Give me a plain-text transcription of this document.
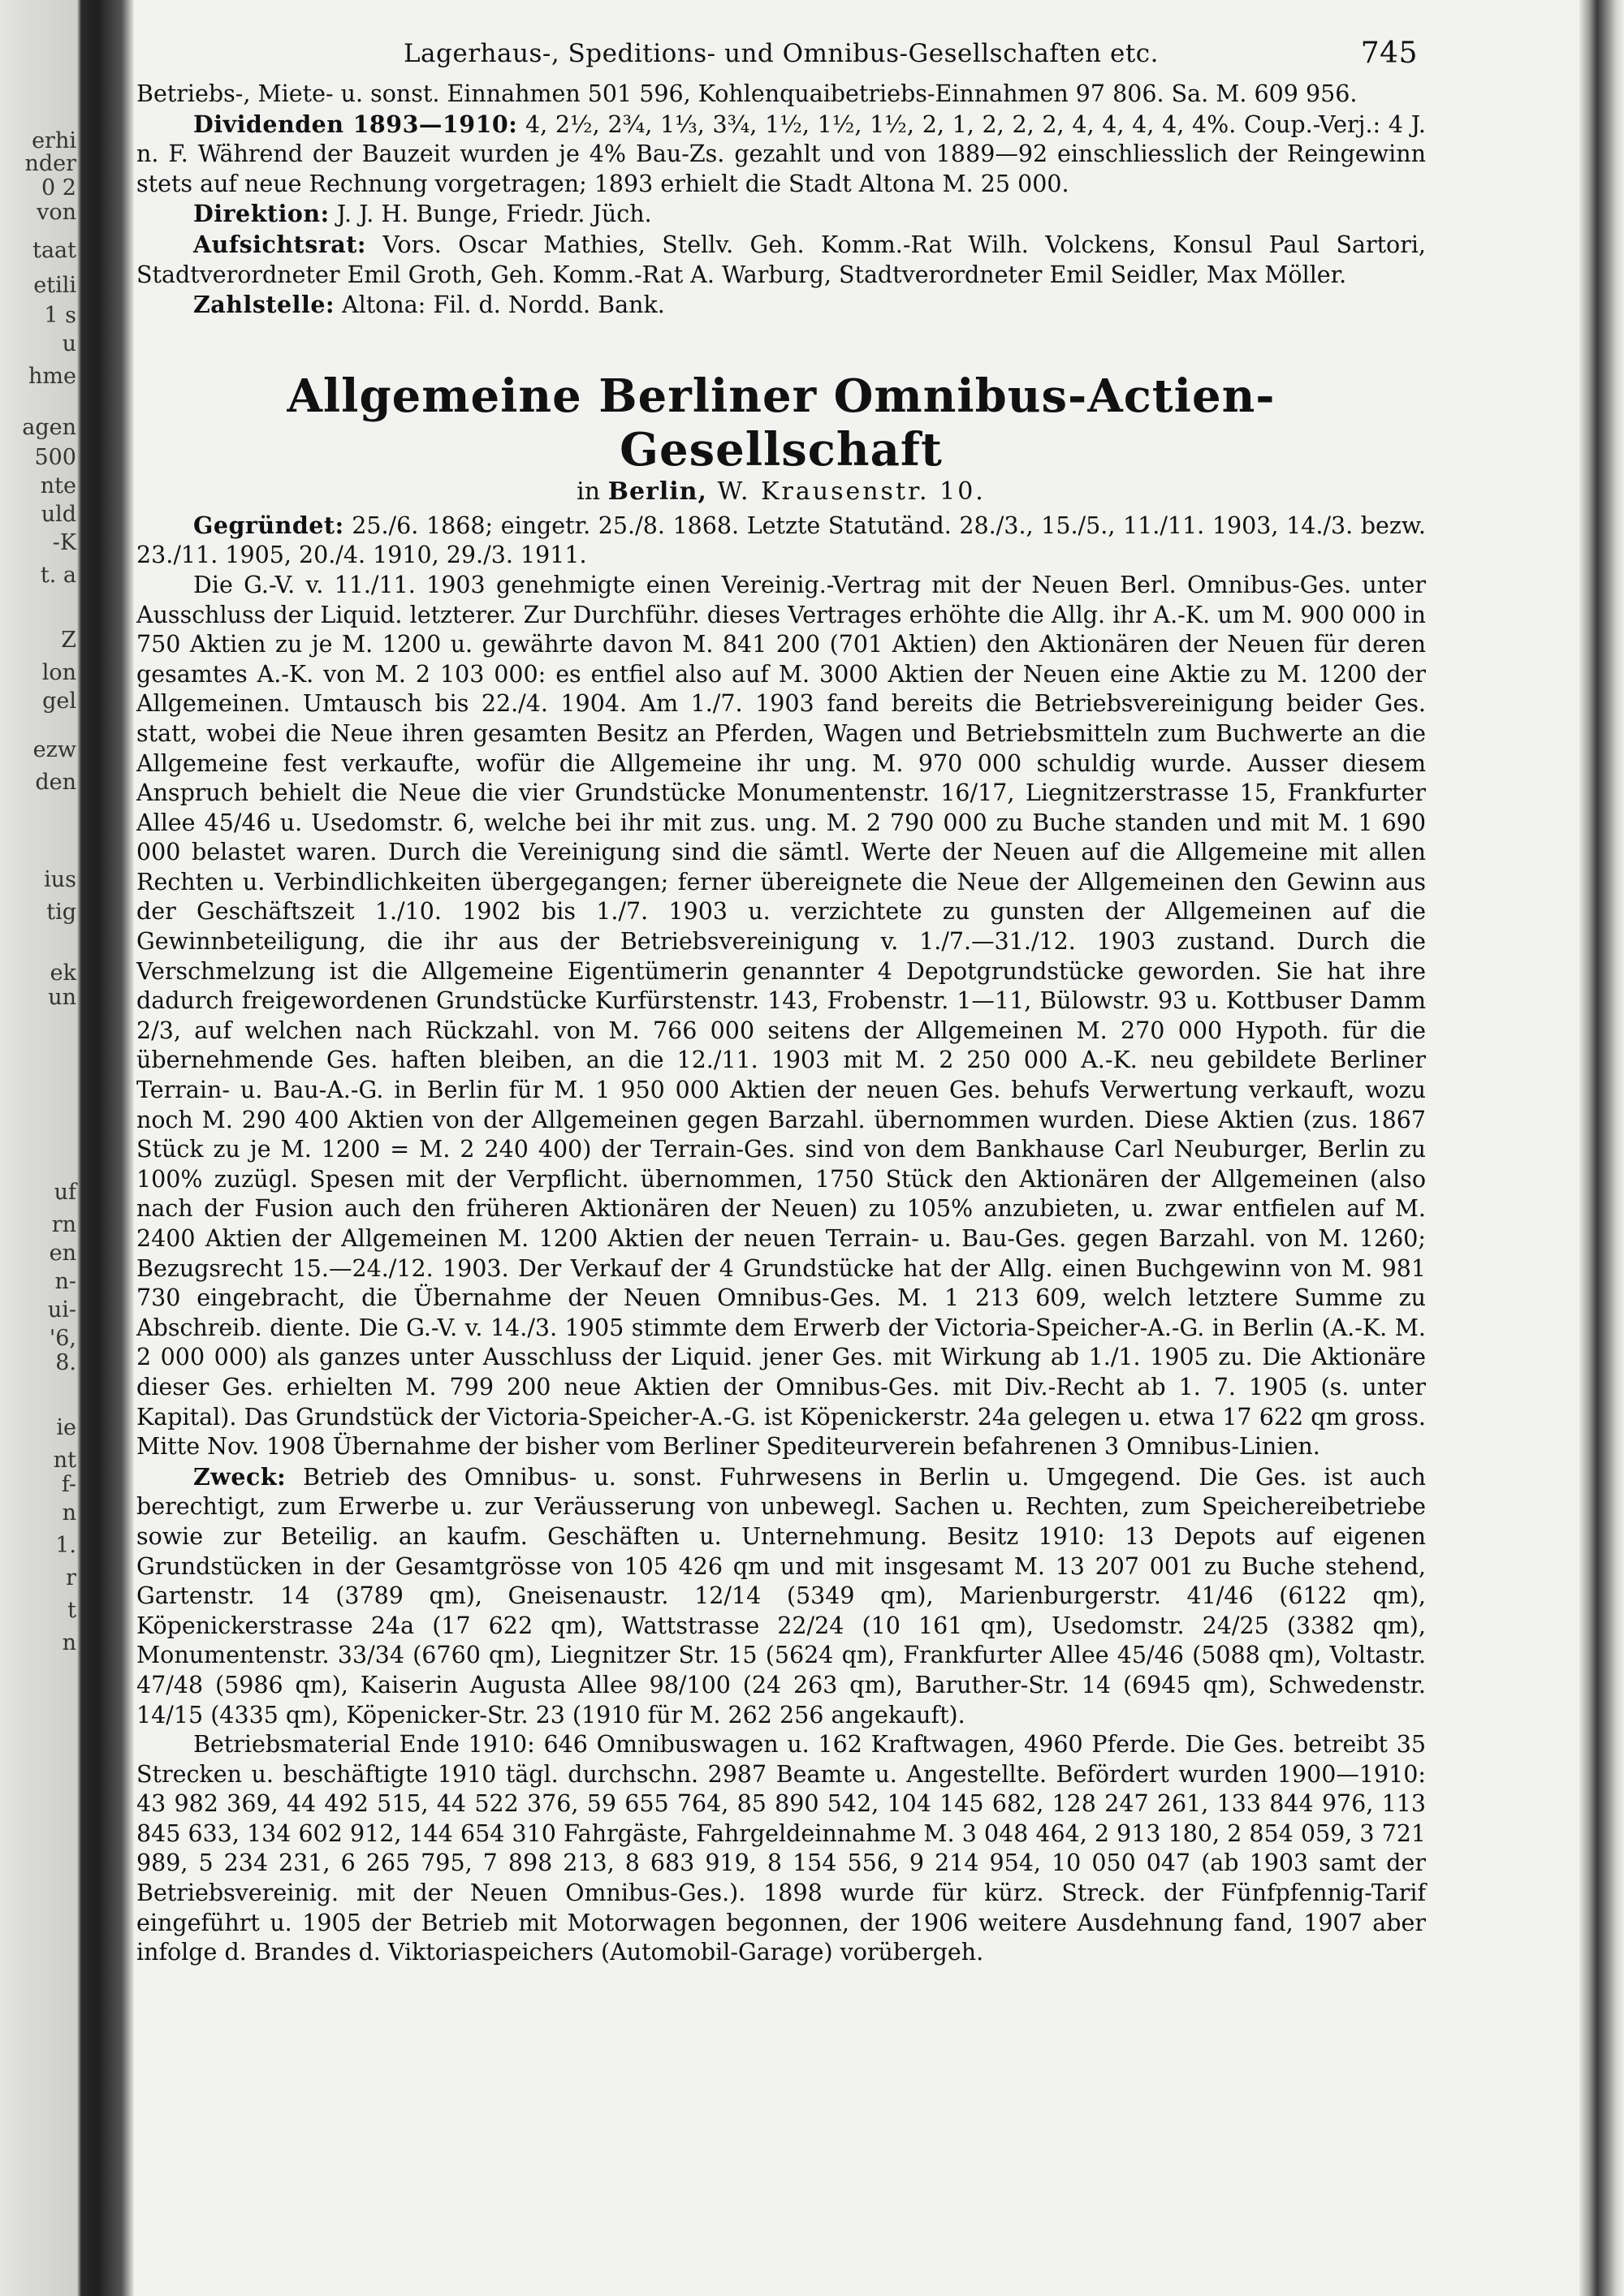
erhi
nder
0 2
von
taat
etili
1 s
u
hme
agen
500
nte
uld
-K
t. a
Z
lon
gel
ezw
den
ius
tig
ek
un
uf
rn
en
n-
ui-
'6,
8.
ie
nt
f-
n
1.
r
t
n
Lagerhaus-, Speditions- und Omnibus-Gesellschaften etc.	745

Betriebs-, Miete- u. sonst. Einnahmen 501 596, Kohlenquaibetriebs-Einnahmen 97 806. Sa. M. 609 956.

Dividenden 1893—1910: 4, 2½, 2¾, 1⅓, 3¾, 1½, 1½, 1½, 2, 1, 2, 2, 2, 4, 4, 4, 4, 4%. Coup.-Verj.: 4 J. n. F. Während der Bauzeit wurden je 4% Bau-Zs. gezahlt und von 1889—92 einschliesslich der Reingewinn stets auf neue Rechnung vorgetragen; 1893 erhielt die Stadt Altona M. 25 000.

Direktion: J. J. H. Bunge, Friedr. Jüch.

Aufsichtsrat: Vors. Oscar Mathies, Stellv. Geh. Komm.-Rat Wilh. Volckens, Konsul Paul Sartori, Stadtverordneter Emil Groth, Geh. Komm.-Rat A. Warburg, Stadtverordneter Emil Seidler, Max Möller.

Zahlstelle: Altona: Fil. d. Nordd. Bank.

Allgemeine Berliner Omnibus-Actien-Gesellschaft
in Berlin, W. Krausenstr. 10.

Gegründet: 25./6. 1868; eingetr. 25./8. 1868. Letzte Statutänd. 28./3., 15./5., 11./11. 1903, 14./3. bezw. 23./11. 1905, 20./4. 1910, 29./3. 1911.

Die G.-V. v. 11./11. 1903 genehmigte einen Vereinig.-Vertrag mit der Neuen Berl. Omnibus-Ges. unter Ausschluss der Liquid. letzterer. Zur Durchführ. dieses Vertrages erhöhte die Allg. ihr A.-K. um M. 900 000 in 750 Aktien zu je M. 1200 u. gewährte davon M. 841 200 (701 Aktien) den Aktionären der Neuen für deren gesamtes A.-K. von M. 2 103 000: es entfiel also auf M. 3000 Aktien der Neuen eine Aktie zu M. 1200 der Allgemeinen. Umtausch bis 22./4. 1904. Am 1./7. 1903 fand bereits die Betriebsvereinigung beider Ges. statt, wobei die Neue ihren gesamten Besitz an Pferden, Wagen und Betriebsmitteln zum Buchwerte an die Allgemeine fest verkaufte, wofür die Allgemeine ihr ung. M. 970 000 schuldig wurde. Ausser diesem Anspruch behielt die Neue die vier Grundstücke Monumentenstr. 16/17, Liegnitzerstrasse 15, Frankfurter Allee 45/46 u. Usedomstr. 6, welche bei ihr mit zus. ung. M. 2 790 000 zu Buche standen und mit M. 1 690 000 belastet waren. Durch die Vereinigung sind die sämtl. Werte der Neuen auf die Allgemeine mit allen Rechten u. Verbindlichkeiten übergegangen; ferner übereignete die Neue der Allgemeinen den Gewinn aus der Geschäftszeit 1./10. 1902 bis 1./7. 1903 u. verzichtete zu gunsten der Allgemeinen auf die Gewinnbeteiligung, die ihr aus der Betriebsvereinigung v. 1./7.—31./12. 1903 zustand. Durch die Verschmelzung ist die Allgemeine Eigentümerin genannter 4 Depotgrundstücke geworden. Sie hat ihre dadurch freigewordenen Grundstücke Kurfürstenstr. 143, Frobenstr. 1—11, Bülowstr. 93 u. Kottbuser Damm 2/3, auf welchen nach Rückzahl. von M. 766 000 seitens der Allgemeinen M. 270 000 Hypoth. für die übernehmende Ges. haften bleiben, an die 12./11. 1903 mit M. 2 250 000 A.-K. neu gebildete Berliner Terrain- u. Bau-A.-G. in Berlin für M. 1 950 000 Aktien der neuen Ges. behufs Verwertung verkauft, wozu noch M. 290 400 Aktien von der Allgemeinen gegen Barzahl. übernommen wurden. Diese Aktien (zus. 1867 Stück zu je M. 1200 = M. 2 240 400) der Terrain-Ges. sind von dem Bankhause Carl Neuburger, Berlin zu 100% zuzügl. Spesen mit der Verpflicht. übernommen, 1750 Stück den Aktionären der Allgemeinen (also nach der Fusion auch den früheren Aktionären der Neuen) zu 105% anzubieten, u. zwar entfielen auf M. 2400 Aktien der Allgemeinen M. 1200 Aktien der neuen Terrain- u. Bau-Ges. gegen Barzahl. von M. 1260; Bezugsrecht 15.—24./12. 1903. Der Verkauf der 4 Grundstücke hat der Allg. einen Buchgewinn von M. 981 730 eingebracht, die Übernahme der Neuen Omnibus-Ges. M. 1 213 609, welch letztere Summe zu Abschreib. diente. Die G.-V. v. 14./3. 1905 stimmte dem Erwerb der Victoria-Speicher-A.-G. in Berlin (A.-K. M. 2 000 000) als ganzes unter Ausschluss der Liquid. jener Ges. mit Wirkung ab 1./1. 1905 zu. Die Aktionäre dieser Ges. erhielten M. 799 200 neue Aktien der Omnibus-Ges. mit Div.-Recht ab 1. 7. 1905 (s. unter Kapital). Das Grundstück der Victoria-Speicher-A.-G. ist Köpenickerstr. 24a gelegen u. etwa 17 622 qm gross. Mitte Nov. 1908 Übernahme der bisher vom Berliner Spediteurverein befahrenen 3 Omnibus-Linien.

Zweck: Betrieb des Omnibus- u. sonst. Fuhrwesens in Berlin u. Umgegend. Die Ges. ist auch berechtigt, zum Erwerbe u. zur Veräusserung von unbewegl. Sachen u. Rechten, zum Speichereibetriebe sowie zur Beteilig. an kaufm. Geschäften u. Unternehmung. Besitz 1910: 13 Depots auf eigenen Grundstücken in der Gesamtgrösse von 105 426 qm und mit insgesamt M. 13 207 001 zu Buche stehend, Gartenstr. 14 (3789 qm), Gneisenaustr. 12/14 (5349 qm), Marienburgerstr. 41/46 (6122 qm), Köpenickerstrasse 24a (17 622 qm), Wattstrasse 22/24 (10 161 qm), Usedomstr. 24/25 (3382 qm), Monumentenstr. 33/34 (6760 qm), Liegnitzer Str. 15 (5624 qm), Frankfurter Allee 45/46 (5088 qm), Voltastr. 47/48 (5986 qm), Kaiserin Augusta Allee 98/100 (24 263 qm), Baruther-Str. 14 (6945 qm), Schwedenstr. 14/15 (4335 qm), Köpenicker-Str. 23 (1910 für M. 262 256 angekauft).

Betriebsmaterial Ende 1910: 646 Omnibuswagen u. 162 Kraftwagen, 4960 Pferde. Die Ges. betreibt 35 Strecken u. beschäftigte 1910 tägl. durchschn. 2987 Beamte u. Angestellte. Befördert wurden 1900—1910: 43 982 369, 44 492 515, 44 522 376, 59 655 764, 85 890 542, 104 145 682, 128 247 261, 133 844 976, 113 845 633, 134 602 912, 144 654 310 Fahrgäste, Fahrgeldeinnahme M. 3 048 464, 2 913 180, 2 854 059, 3 721 989, 5 234 231, 6 265 795, 7 898 213, 8 683 919, 8 154 556, 9 214 954, 10 050 047 (ab 1903 samt der Betriebsvereinig. mit der Neuen Omnibus-Ges.). 1898 wurde für kürz. Streck. der Fünfpfennig-Tarif eingeführt u. 1905 der Betrieb mit Motorwagen begonnen, der 1906 weitere Ausdehnung fand, 1907 aber infolge d. Brandes d. Viktoriaspeichers (Automobil-Garage) vorübergeh.
